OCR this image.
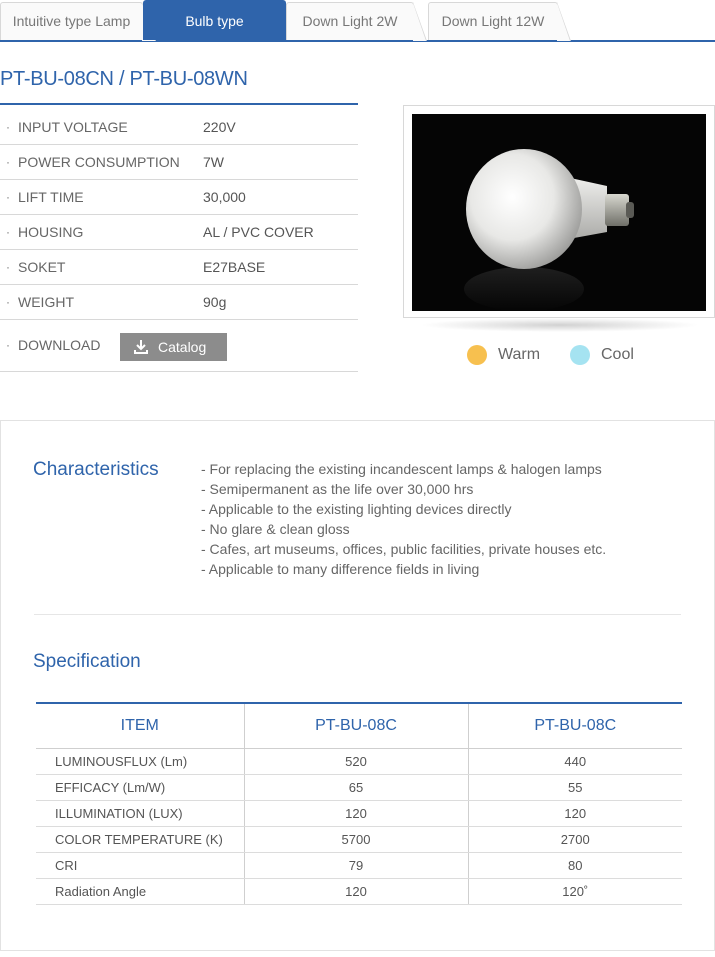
Intuitive type Lamp	Bulb type	Down Light 2W	Down Light 12W
PT-BU-08CN / PT-BU-08WN
· INPUT VOLTAGE	220V
· POWER CONSUMPTION 7W
· LIFT TIME	30,000
· HOUSING	AL / PVC COVER
· SOKET	E27BASE
· WEIGHT	90g
· DOWNLOAD	Catalog	Warm	Cool
Characteristics	- For replacing the existing incandescent lamps & halogen lamps
- Semipermanent as the life over 30,000 hrs
- Applicable to the existing lighting devices directly
- No glare & clean gloss
- Cafes, art museums, offices, public facilities, private houses etc.
- Applicable to many difference fields in living
Specification
ITEM	PT-BU-08C	PT-BU-08C
LUMINOUSFLUX (Lm)	520	440
EFFICACY (Lm/W)	65	55
ILLUMINATION (LUX)	120	120
COLOR TEMPERATURE (K)	5700	2700
CRI	79	80
Radiation Angle	120	120˚
